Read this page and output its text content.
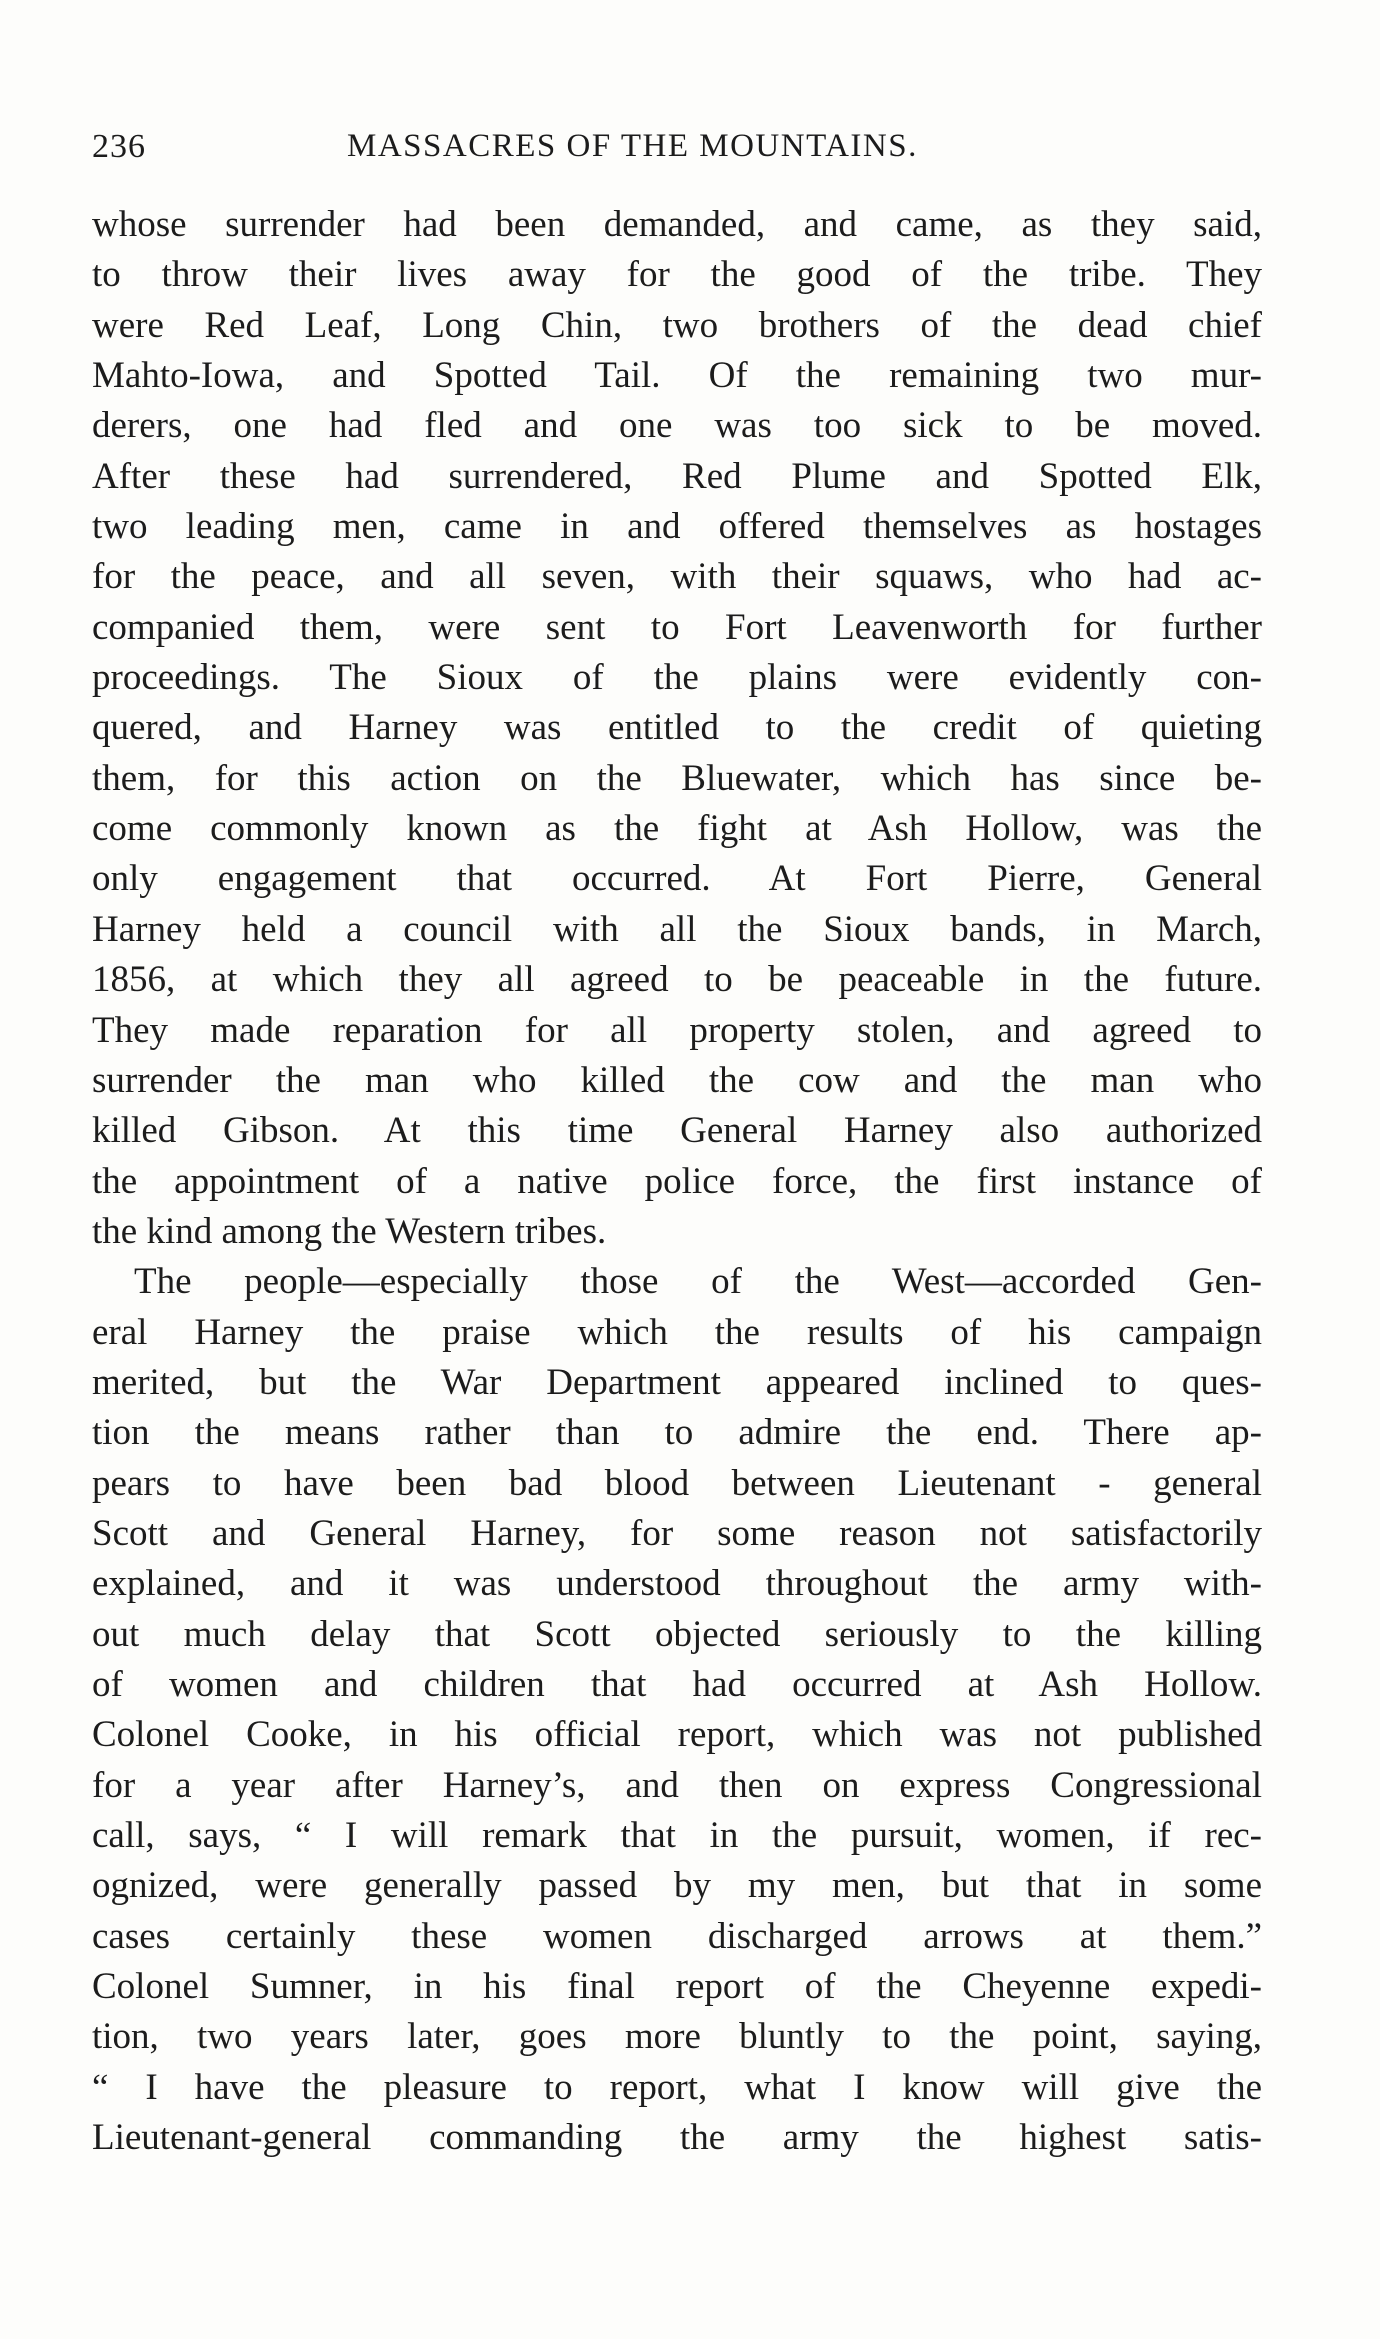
236	MASSACRES OF THE MOUNTAINS.
whose surrender had been demanded, and came, as they said,
to throw their lives away for the good of the tribe. They
were Red Leaf, Long Chin, two brothers of the dead chief
Mahto-Iowa, and Spotted Tail. Of the remaining two mur-
derers, one had fled and one was too sick to be moved.
After these had surrendered, Red Plume and Spotted Elk,
two leading men, came in and offered themselves as hostages
for the peace, and all seven, with their squaws, who had ac-
companied them, were sent to Fort Leavenworth for further
proceedings. The Sioux of the plains were evidently con-
quered, and Harney was entitled to the credit of quieting
them, for this action on the Bluewater, which has since be-
come commonly known as the fight at Ash Hollow, was the
only engagement that occurred. At Fort Pierre, General
Harney held a council with all the Sioux bands, in March,
1856, at which they all agreed to be peaceable in the future.
They made reparation for all property stolen, and agreed to
surrender the man who killed the cow and the man who
killed Gibson. At this time General Harney also authorized
the appointment of a native police force, the first instance of
the kind among the Western tribes.
The people—especially those of the West—accorded Gen-
eral Harney the praise which the results of his campaign
merited, but the War Department appeared inclined to ques-
tion the means rather than to admire the end. There ap-
pears to have been bad blood between Lieutenant - general
Scott and General Harney, for some reason not satisfactorily
explained, and it was understood throughout the army with-
out much delay that Scott objected seriously to the killing
of women and children that had occurred at Ash Hollow.
Colonel Cooke, in his official report, which was not published
for a year after Harney’s, and then on express Congressional
call, says, “ I will remark that in the pursuit, women, if rec-
ognized, were generally passed by my men, but that in some
cases certainly these women discharged arrows at them.”
Colonel Sumner, in his final report of the Cheyenne expedi-
tion, two years later, goes more bluntly to the point, saying,
“ I have the pleasure to report, what I know will give the
Lieutenant-general commanding the army the highest satis-
